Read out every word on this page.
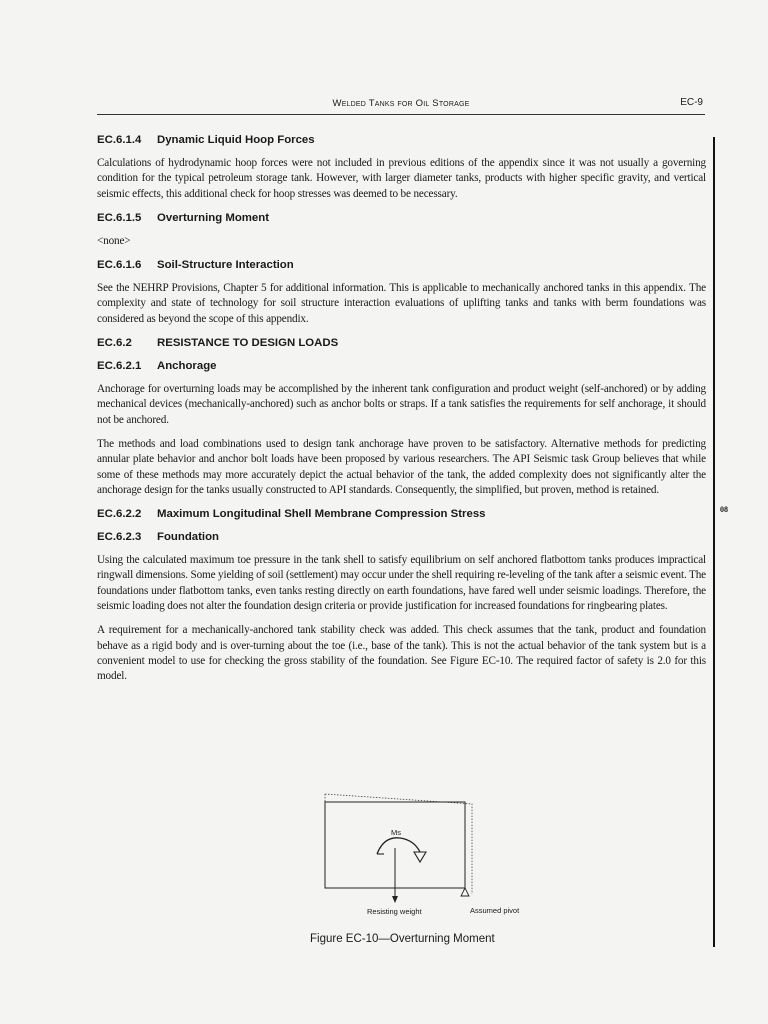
Welded Tanks for Oil Storage	EC-9
08
EC.6.1.4 Dynamic Liquid Hoop Forces

Calculations of hydrodynamic hoop forces were not included in previous editions of the appendix since it was not usually a governing condition for the typical petroleum storage tank. However, with larger diameter tanks, products with higher specific gravity, and vertical seismic effects, this additional check for hoop stresses was deemed to be necessary.

EC.6.1.5 Overturning Moment

<none>

EC.6.1.6 Soil-Structure Interaction

See the NEHRP Provisions, Chapter 5 for additional information. This is applicable to mechanically anchored tanks in this appendix. The complexity and state of technology for soil structure interaction evaluations of uplifting tanks and tanks with berm foundations was considered as beyond the scope of this appendix.

EC.6.2 RESISTANCE TO DESIGN LOADS
EC.6.2.1 Anchorage

Anchorage for overturning loads may be accomplished by the inherent tank configuration and product weight (self-anchored) or by adding mechanical devices (mechanically-anchored) such as anchor bolts or straps. If a tank satisfies the requirements for self anchorage, it should not be anchored.

The methods and load combinations used to design tank anchorage have proven to be satisfactory. Alternative methods for predicting annular plate behavior and anchor bolt loads have been proposed by various researchers. The API Seismic task Group believes that while some of these methods may more accurately depict the actual behavior of the tank, the added complexity does not significantly alter the anchorage design for the tanks usually constructed to API standards. Consequently, the simplified, but proven, method is retained.

EC.6.2.2 Maximum Longitudinal Shell Membrane Compression Stress
EC.6.2.3 Foundation

Using the calculated maximum toe pressure in the tank shell to satisfy equilibrium on self anchored flatbottom tanks produces impractical ringwall dimensions. Some yielding of soil (settlement) may occur under the shell requiring re-leveling of the tank after a seismic event. The foundations under flatbottom tanks, even tanks resting directly on earth foundations, have fared well under seismic loadings. Therefore, the seismic loading does not alter the foundation design criteria or provide justification for increased foundations for ringbearing plates.

A requirement for a mechanically-anchored tank stability check was added. This check assumes that the tank, product and foundation behave as a rigid body and is over-turning about the toe (i.e., base of the tank). This is not the actual behavior of the tank system but is a convenient model to use for checking the gross stability of the foundation. See Figure EC-10. The required factor of safety is 2.0 for this model.

Ms
Resisting weight	Assumed pivot
Figure EC-10—Overturning Moment
